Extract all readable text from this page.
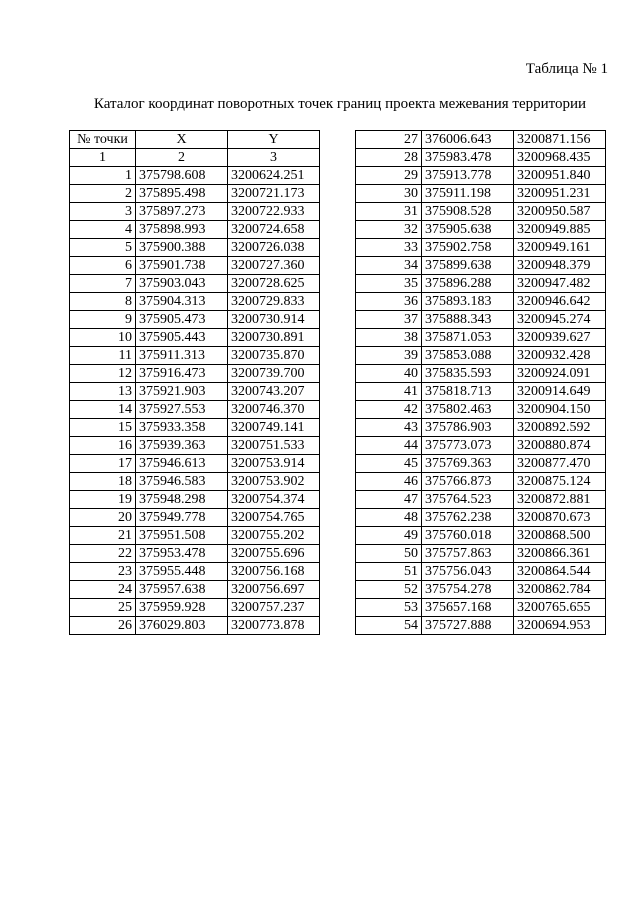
Таблица № 1
Каталог координат поворотных точек границ проекта межевания территории
№ точки	X	Y
1	2	3
1	375798.608	3200624.251
2	375895.498	3200721.173
3	375897.273	3200722.933
4	375898.993	3200724.658
5	375900.388	3200726.038
6	375901.738	3200727.360
7	375903.043	3200728.625
8	375904.313	3200729.833
9	375905.473	3200730.914
10	375905.443	3200730.891
11	375911.313	3200735.870
12	375916.473	3200739.700
13	375921.903	3200743.207
14	375927.553	3200746.370
15	375933.358	3200749.141
16	375939.363	3200751.533
17	375946.613	3200753.914
18	375946.583	3200753.902
19	375948.298	3200754.374
20	375949.778	3200754.765
21	375951.508	3200755.202
22	375953.478	3200755.696
23	375955.448	3200756.168
24	375957.638	3200756.697
25	375959.928	3200757.237
26	376029.803	3200773.878
27	376006.643	3200871.156
28	375983.478	3200968.435
29	375913.778	3200951.840
30	375911.198	3200951.231
31	375908.528	3200950.587
32	375905.638	3200949.885
33	375902.758	3200949.161
34	375899.638	3200948.379
35	375896.288	3200947.482
36	375893.183	3200946.642
37	375888.343	3200945.274
38	375871.053	3200939.627
39	375853.088	3200932.428
40	375835.593	3200924.091
41	375818.713	3200914.649
42	375802.463	3200904.150
43	375786.903	3200892.592
44	375773.073	3200880.874
45	375769.363	3200877.470
46	375766.873	3200875.124
47	375764.523	3200872.881
48	375762.238	3200870.673
49	375760.018	3200868.500
50	375757.863	3200866.361
51	375756.043	3200864.544
52	375754.278	3200862.784
53	375657.168	3200765.655
54	375727.888	3200694.953
